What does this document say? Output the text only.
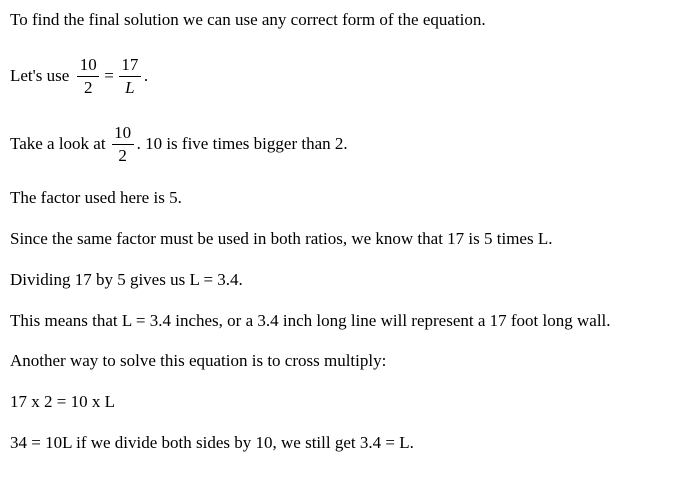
To find the final solution we can use any correct form of the equation.
Let's use $\frac{10}{2} = \frac{17}{L}$ .
Take a look at $\frac{10}{2}$ . 10 is five times bigger than 2.
The factor used here is 5.
Since the same factor must be used in both ratios, we know that 17 is 5 times L.
Dividing 17 by 5 gives us L = 3.4.
This means that L = 3.4 inches, or a 3.4 inch long line will represent a 17 foot long wall.
Another way to solve this equation is to cross multiply:
17 x 2 = 10 x L
34 = 10L if we divide both sides by 10, we still get 3.4 = L.
